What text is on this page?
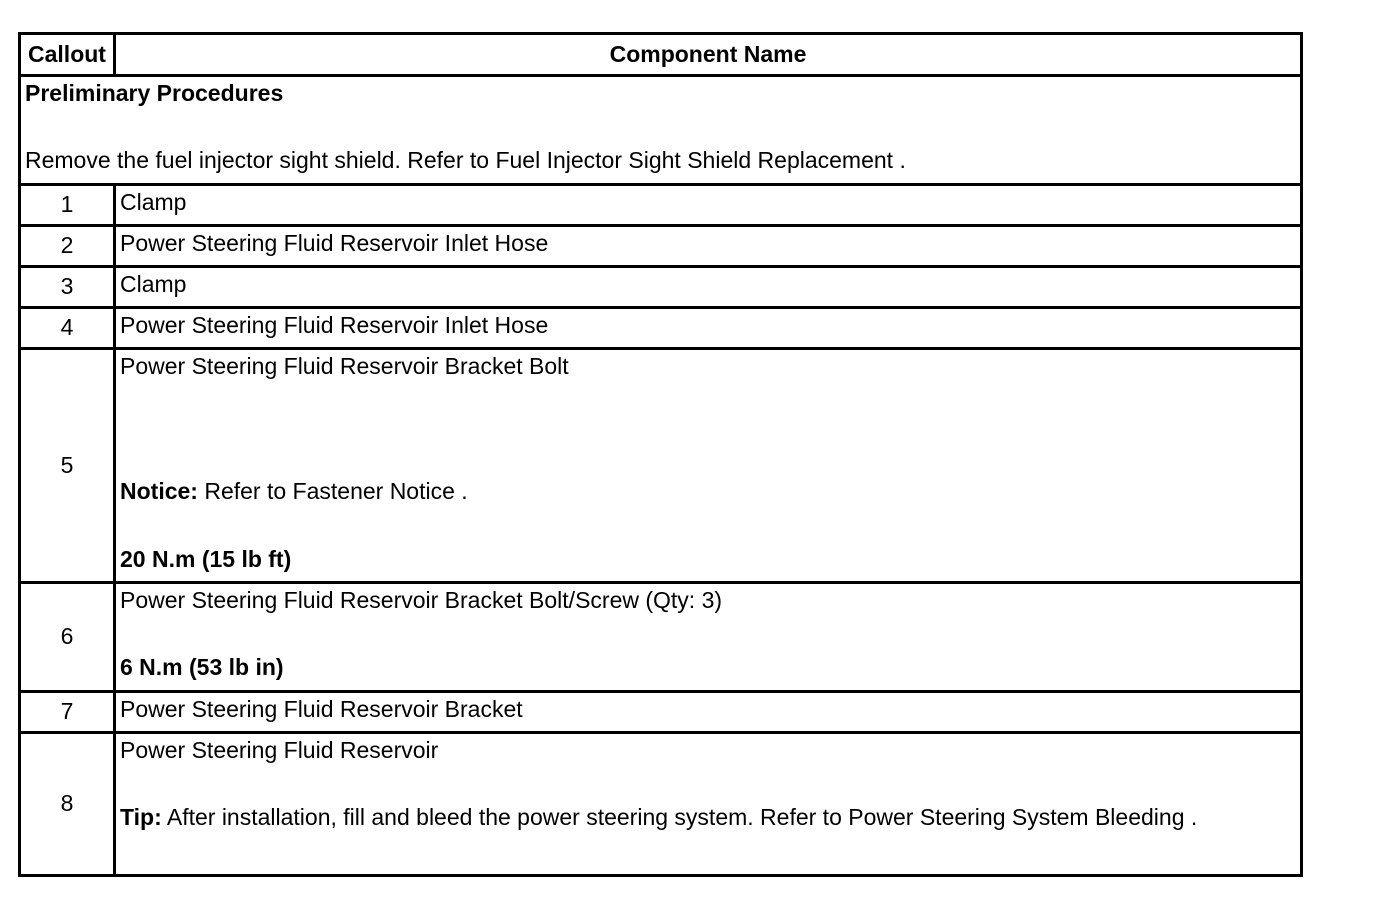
Callout	Component Name
Preliminary Procedures
Remove the fuel injector sight shield. Refer to Fuel Injector Sight Shield Replacement .	
1	Clamp
2	Power Steering Fluid Reservoir Inlet Hose
3	Clamp
4	Power Steering Fluid Reservoir Inlet Hose
5	Power Steering Fluid Reservoir Bracket Bolt
Notice: Refer to Fastener Notice .
20 N.m (15 lb ft)
6	Power Steering Fluid Reservoir Bracket Bolt/Screw (Qty: 3)
6 N.m (53 lb in)
7	Power Steering Fluid Reservoir Bracket
8	Power Steering Fluid Reservoir
Tip: After installation, fill and bleed the power steering system. Refer to Power Steering System Bleeding .
